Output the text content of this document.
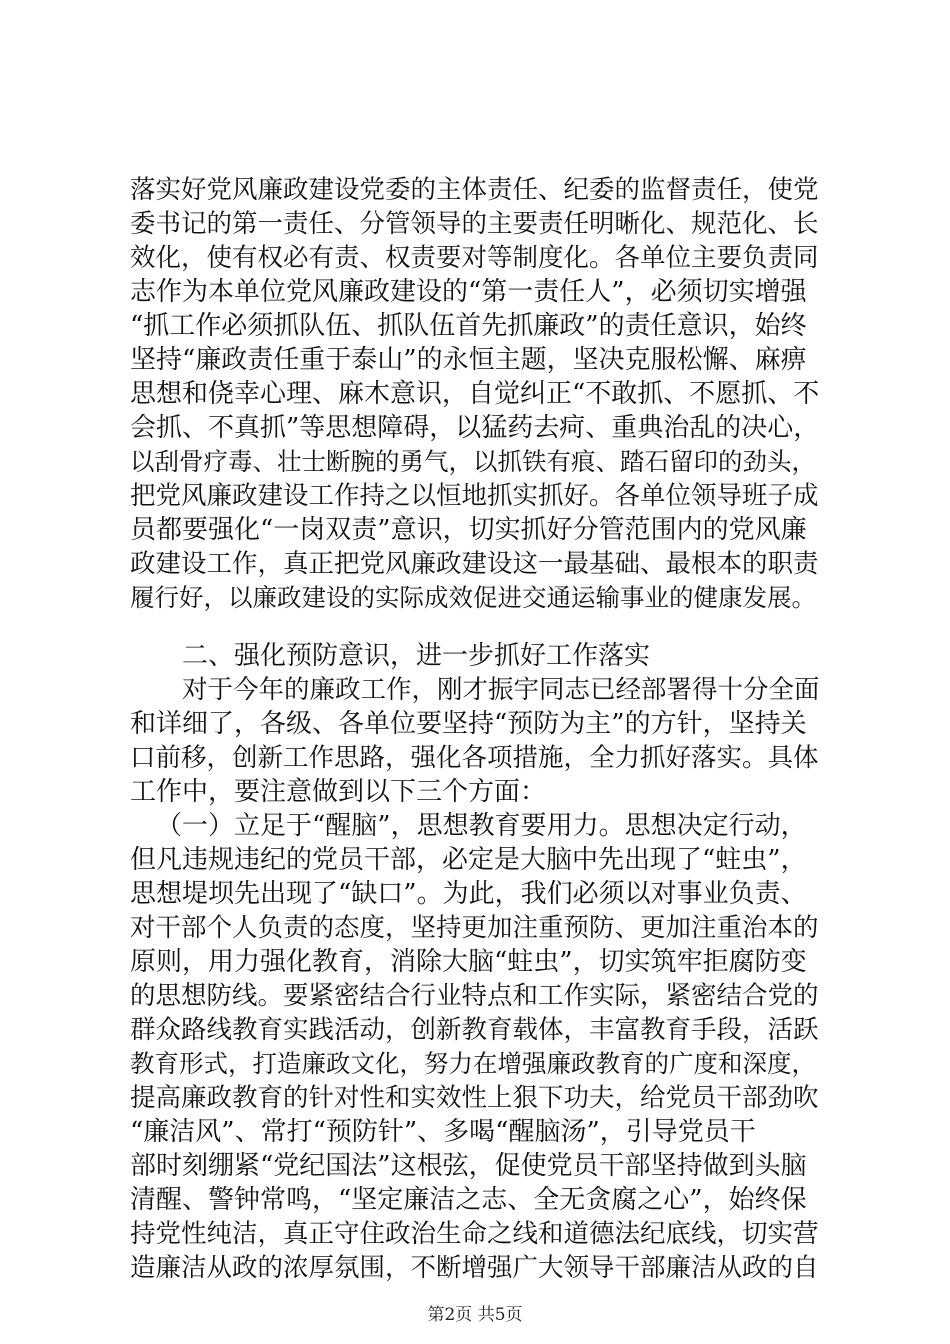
落实好党风廉政建设党委的主体责任、纪委的监督责任，使党
委书记的第一责任、分管领导的主要责任明晰化、规范化、长
效化，使有权必有责、权责要对等制度化。各单位主要负责同
志作为本单位党风廉政建设的“第一责任人”，必须切实增强
“抓工作必须抓队伍、抓队伍首先抓廉政”的责任意识，始终
坚持“廉政责任重于泰山”的永恒主题，坚决克服松懈、麻痹
思想和侥幸心理、麻木意识，自觉纠正“不敢抓、不愿抓、不
会抓、不真抓”等思想障碍，以猛药去疴、重典治乱的决心，
以刮骨疗毒、壮士断腕的勇气，以抓铁有痕、踏石留印的劲头，
把党风廉政建设工作持之以恒地抓实抓好。各单位领导班子成
员都要强化“一岗双责”意识，切实抓好分管范围内的党风廉
政建设工作，真正把党风廉政建设这一最基础、最根本的职责
履行好，以廉政建设的实际成效促进交通运输事业的健康发展。
二、强化预防意识，进一步抓好工作落实
对于今年的廉政工作，刚才振宇同志已经部署得十分全面
和详细了，各级、各单位要坚持“预防为主”的方针，坚持关
口前移，创新工作思路，强化各项措施，全力抓好落实。具体
工作中，要注意做到以下三个方面：
（一）立足于“醒脑”，思想教育要用力。思想决定行动，
但凡违规违纪的党员干部，必定是大脑中先出现了“蛀虫”，
思想堤坝先出现了“缺口”。为此，我们必须以对事业负责、
对干部个人负责的态度，坚持更加注重预防、更加注重治本的
原则，用力强化教育，消除大脑“蛀虫”，切实筑牢拒腐防变
的思想防线。要紧密结合行业特点和工作实际，紧密结合党的
群众路线教育实践活动，创新教育载体，丰富教育手段，活跃
教育形式，打造廉政文化，努力在增强廉政教育的广度和深度，
提高廉政教育的针对性和实效性上狠下功夫，给党员干部劲吹
“廉洁风”、常打“预防针”、多喝“醒脑汤”，引导党员干
部时刻绷紧“党纪国法”这根弦，促使党员干部坚持做到头脑
清醒、警钟常鸣，“坚定廉洁之志、全无贪腐之心”，始终保
持党性纯洁，真正守住政治生命之线和道德法纪底线，切实营
造廉洁从政的浓厚氛围，不断增强广大领导干部廉洁从政的自
第2页 共5页
